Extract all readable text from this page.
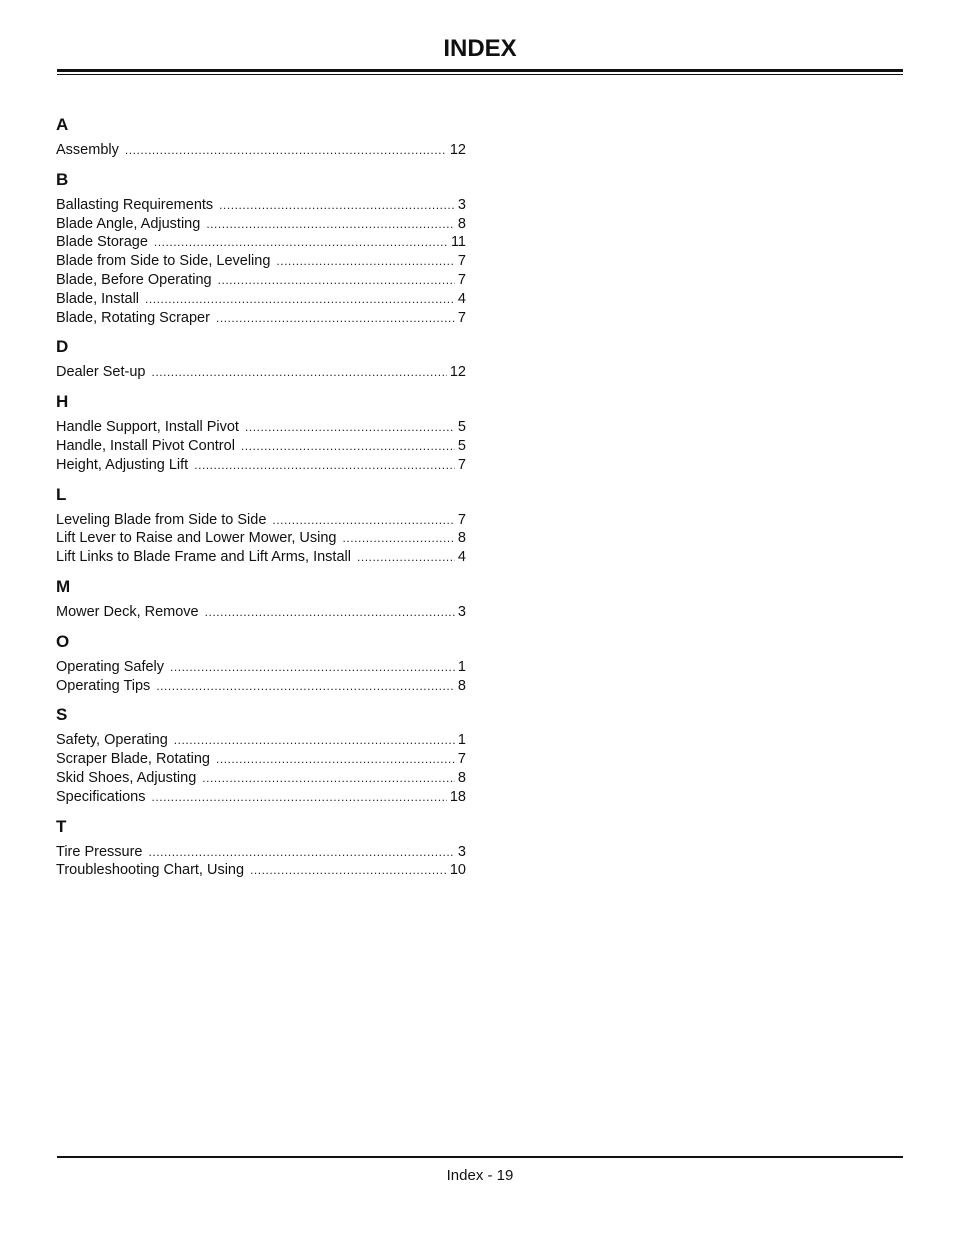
INDEX
A
Assembly . . .	12
B
Ballasting Requirements . . .	3
Blade Angle, Adjusting . . .	8
Blade Storage . . .	11
Blade from Side to Side, Leveling . . .	7
Blade, Before Operating . . .	7
Blade, Install . . .	4
Blade, Rotating Scraper . . .	7
D
Dealer Set-up . . .	12
H
Handle Support, Install Pivot . . .	5
Handle, Install Pivot Control . . .	5
Height, Adjusting Lift . . .	7
L
Leveling Blade from Side to Side . . .	7
Lift Lever to Raise and Lower Mower, Using . . .	8
Lift Links to Blade Frame and Lift Arms, Install . . .	4
M
Mower Deck, Remove . . .	3
O
Operating Safely . . .	1
Operating Tips . . .	8
S
Safety, Operating . . .	1
Scraper Blade, Rotating . . .	7
Skid Shoes, Adjusting . . .	8
Specifications . . .	18
T
Tire Pressure . . .	3
Troubleshooting Chart, Using . . .	10
Index - 19
